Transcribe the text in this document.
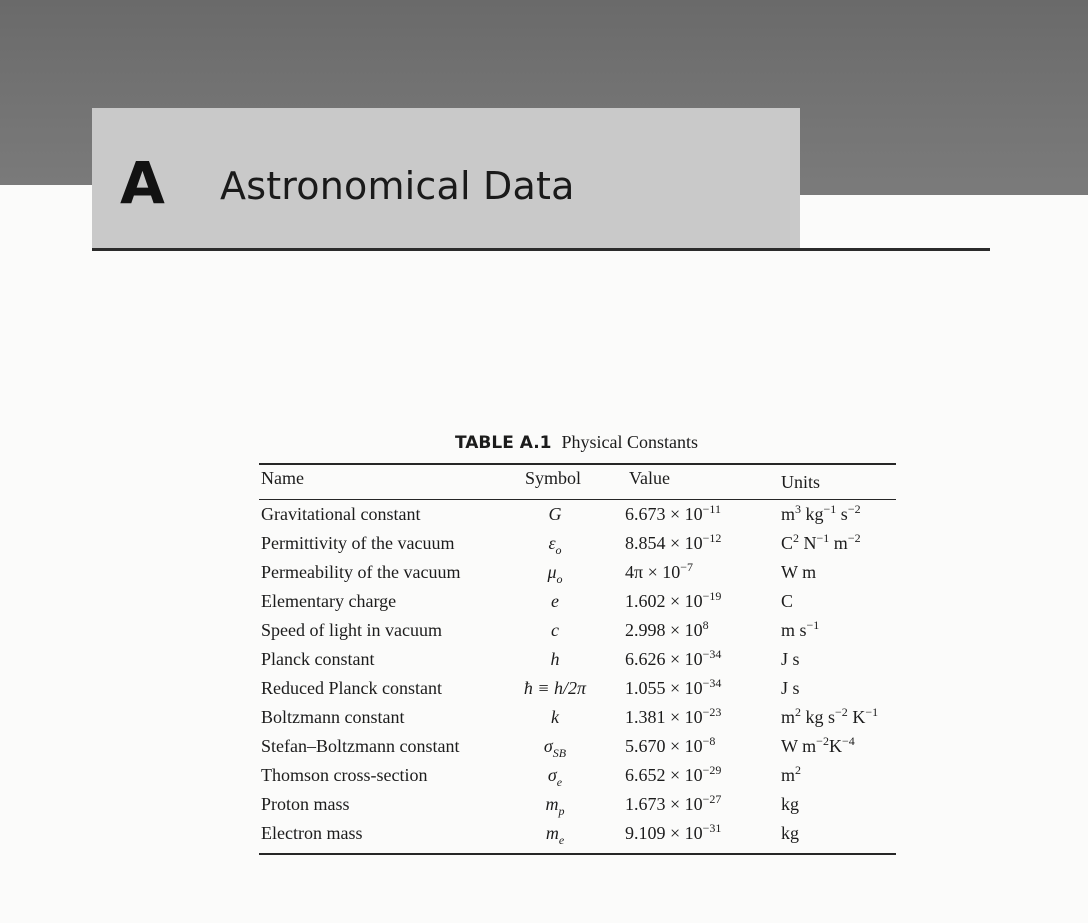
A Astronomical Data
TABLE A.1 Physical Constants
Name	Symbol	Value	Units
Gravitational constant	G	$6.673 \times 10^{-11}$	$m^3$ $kg^{-1}$ $s^{-2}$
Permittivity of the vacuum	$\varepsilon_o$	$8.854 \times 10^{-12}$	$C^2$ $N^{-1}$ $m^{-2}$
Permeability of the vacuum	$\mu_o$	$4\pi \times 10^{-7}$	W m
Elementary charge	e	$1.602 \times 10^{-19}$	C
Speed of light in vacuum	c	$2.998 \times 10^8$	m $s^{-1}$
Planck constant	h	$6.626 \times 10^{-34}$	J s
Reduced Planck constant	ħ ≡ h/2π	$1.055 \times 10^{-34}$	J s
Boltzmann constant	k	$1.381 \times 10^{-23}$	$m^2$ kg $s^{-2}$ $K^{-1}$
Stefan–Boltzmann constant	$\sigma_{SB}$	$5.670 \times 10^{-8}$	W $m^{-2}K^{-4}$
Thomson cross-section	$\sigma_e$	$6.652 \times 10^{-29}$	$m^2$
Proton mass	$m_p$	$1.673 \times 10^{-27}$	kg
Electron mass	$m_e$	$9.109 \times 10^{-31}$	kg
